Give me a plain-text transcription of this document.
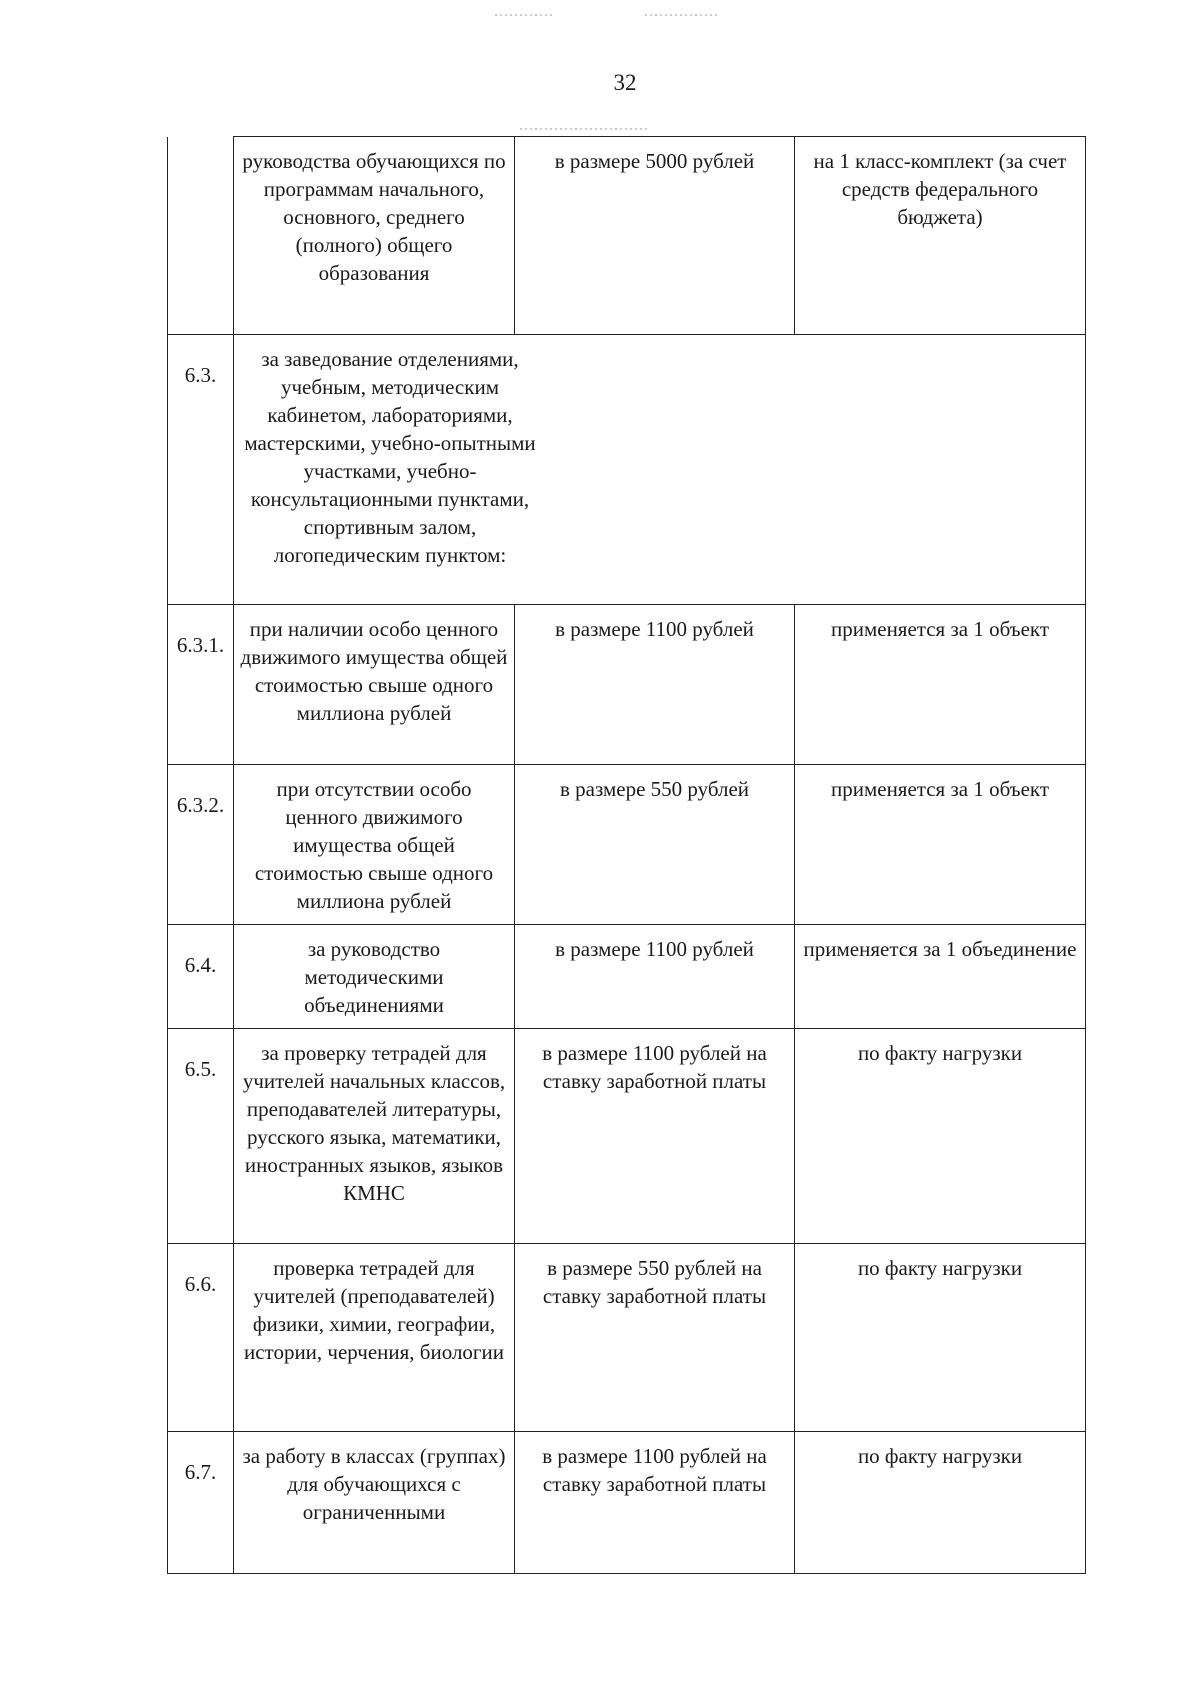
32
	руководства обучающихся по программам начального, основного, среднего (полного) общего образования	в размере 5000 рублей	на 1 класс-комплект (за счет средств федерального бюджета)
6.3.	за заведование отделениями, учебным, методическим кабинетом, лабораториями, мастерскими, учебно-опытными участками, учебно-консультационными пунктами, спортивным залом, логопедическим пунктом:		

6.3.1.	при наличии особо ценного движимого имущества общей стоимостью свыше одного миллиона рублей	в размере 1100 рублей	применяется за 1 объект
6.3.2.	при отсутствии особо ценного движимого имущества общей стоимостью свыше одного миллиона рублей	в размере 550 рублей	применяется за 1 объект
6.4.	за руководство методическими объединениями	в размере 1100 рублей	применяется за 1 объединение
6.5.	за проверку тетрадей для учителей начальных классов, преподавателей литературы, русского языка, математики, иностранных языков, языков КМНС	в размере 1100 рублей на ставку заработной платы	по факту нагрузки
6.6.	проверка тетрадей для учителей (преподавателей) физики, химии, географии, истории, черчения, биологии	в размере 550 рублей на ставку заработной платы	по факту нагрузки
6.7.	за работу в классах (группах) для обучающихся с ограниченными	в размере 1100 рублей на ставку заработной платы	по факту нагрузки
